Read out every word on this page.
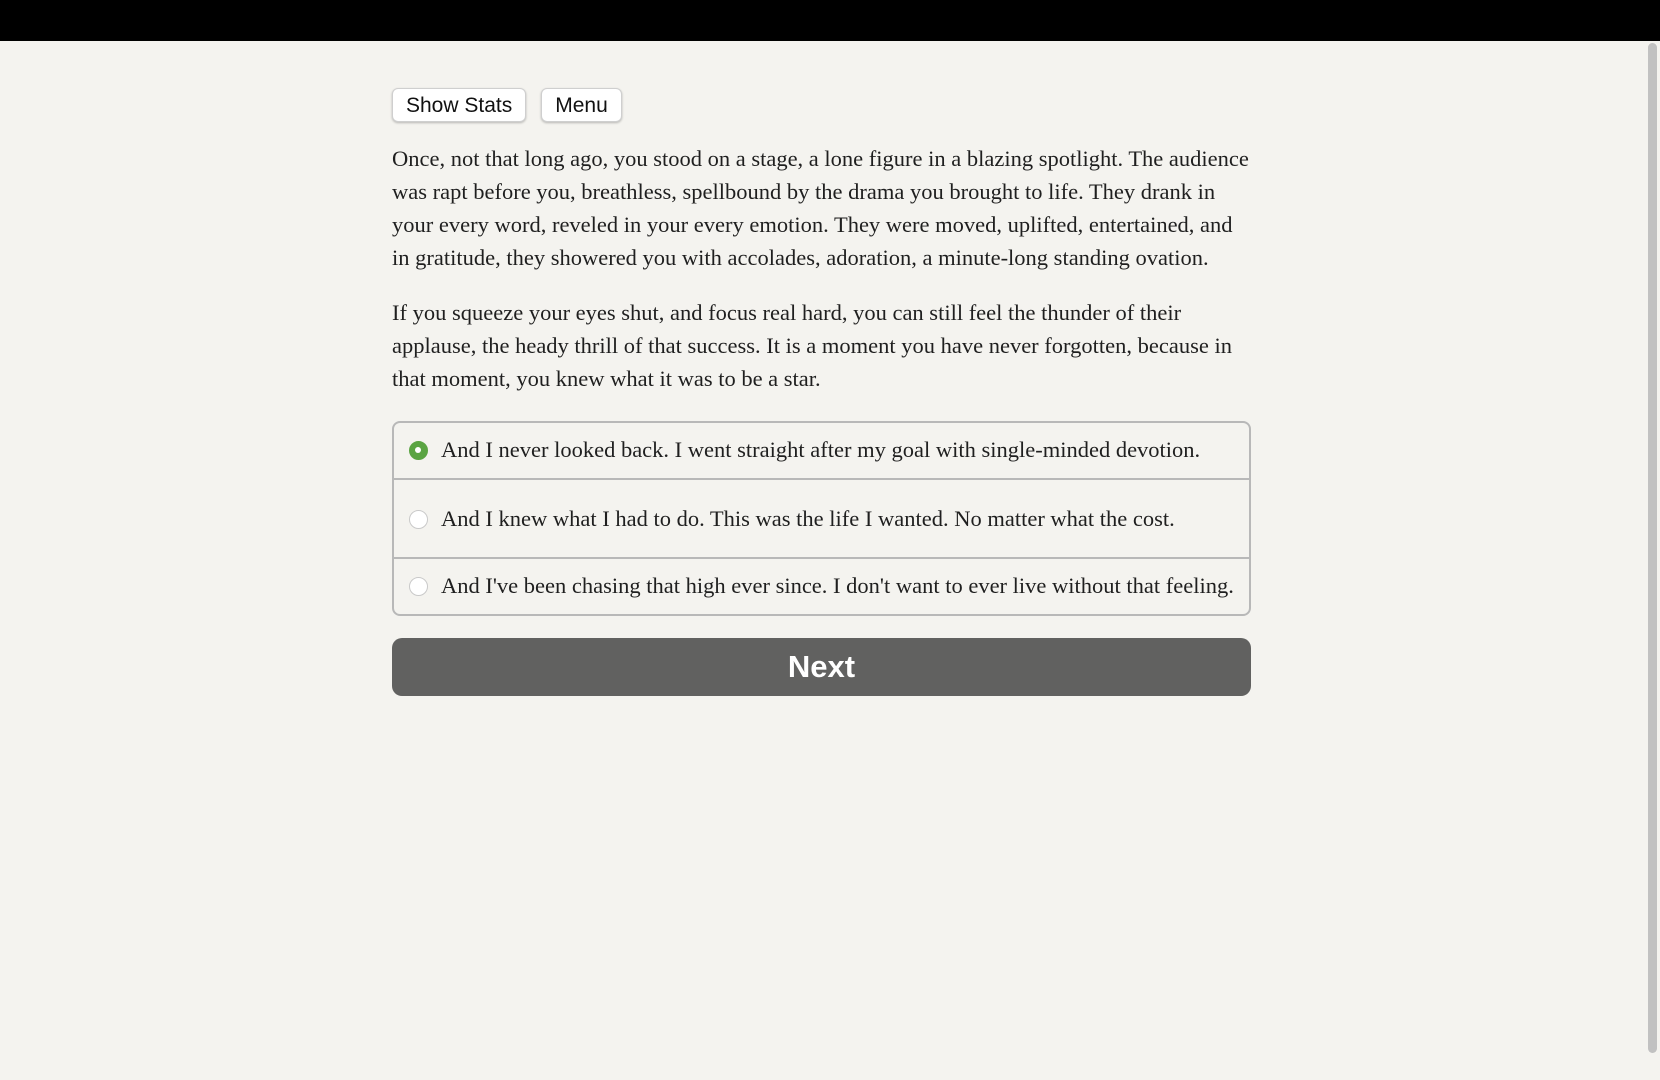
Show Stats	Menu

Once, not that long ago, you stood on a stage, a lone figure in a blazing spotlight. The audience was rapt before you, breathless, spellbound by the drama you brought to life. They drank in your every word, reveled in your every emotion. They were moved, uplifted, entertained, and in gratitude, they showered you with accolades, adoration, a minute-long standing ovation.

If you squeeze your eyes shut, and focus real hard, you can still feel the thunder of their applause, the heady thrill of that success. It is a moment you have never forgotten, because in that moment, you knew what it was to be a star.

And I never looked back. I went straight after my goal with single-minded devotion.
And I knew what I had to do. This was the life I wanted. No matter what the cost.
And I've been chasing that high ever since. I don't want to ever live without that feeling.
Next
